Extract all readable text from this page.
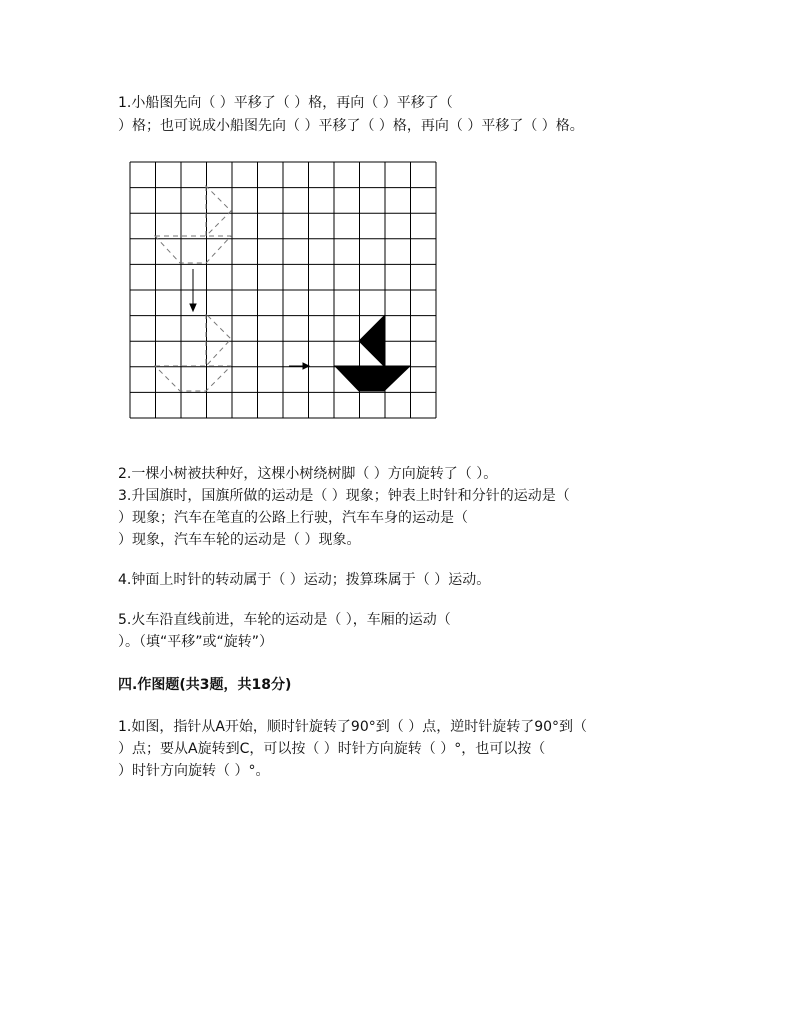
1.小船图先向（ ）平移了（ ）格，再向（ ）平移了（
）格；也可说成小船图先向（ ）平移了（ ）格，再向（ ）平移了（ ）格。
2.一棵小树被扶种好，这棵小树绕树脚（ ）方向旋转了（ ）。
3.升国旗时，国旗所做的运动是（ ）现象；钟表上时针和分针的运动是（
）现象；汽车在笔直的公路上行驶，汽车车身的运动是（
）现象，汽车车轮的运动是（ ）现象。
4.钟面上时针的转动属于（ ）运动；拨算珠属于（ ）运动。
5.火车沿直线前进，车轮的运动是（ ），车厢的运动（
）。（填“平移”或“旋转”）
四.作图题(共3题，共18分)
1.如图，指针从A开始，顺时针旋转了90°到（ ）点，逆时针旋转了90°到（
）点；要从A旋转到C，可以按（ ）时针方向旋转（ ）°，也可以按（
）时针方向旋转（ ）°。
